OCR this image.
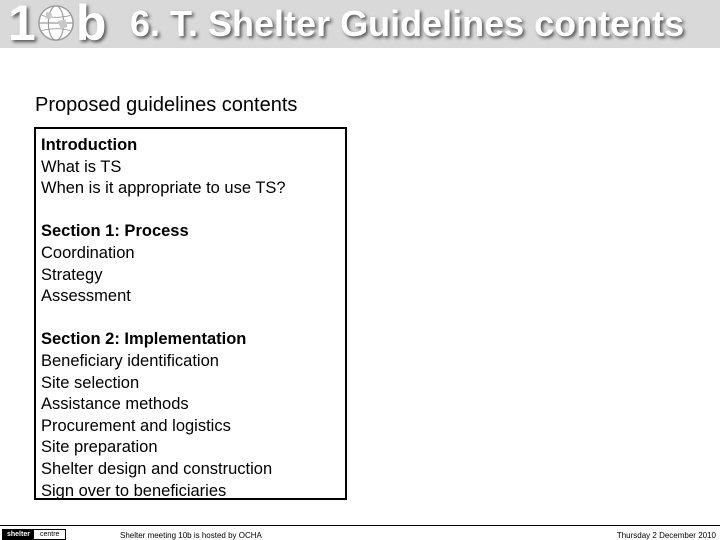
1 b 6. T. Shelter Guidelines contents
Proposed guidelines contents
Introduction
What is TS
When is it appropriate to use TS?
Section 1: Process
Coordination
Strategy
Assessment
Section 2: Implementation
Beneficiary identification
Site selection
Assistance methods
Procurement and logistics
Site preparation
Shelter design and construction
Sign over to beneficiaries
shelter	centre	Shelter meeting 10b is hosted by OCHA	Thursday 2 December 2010
